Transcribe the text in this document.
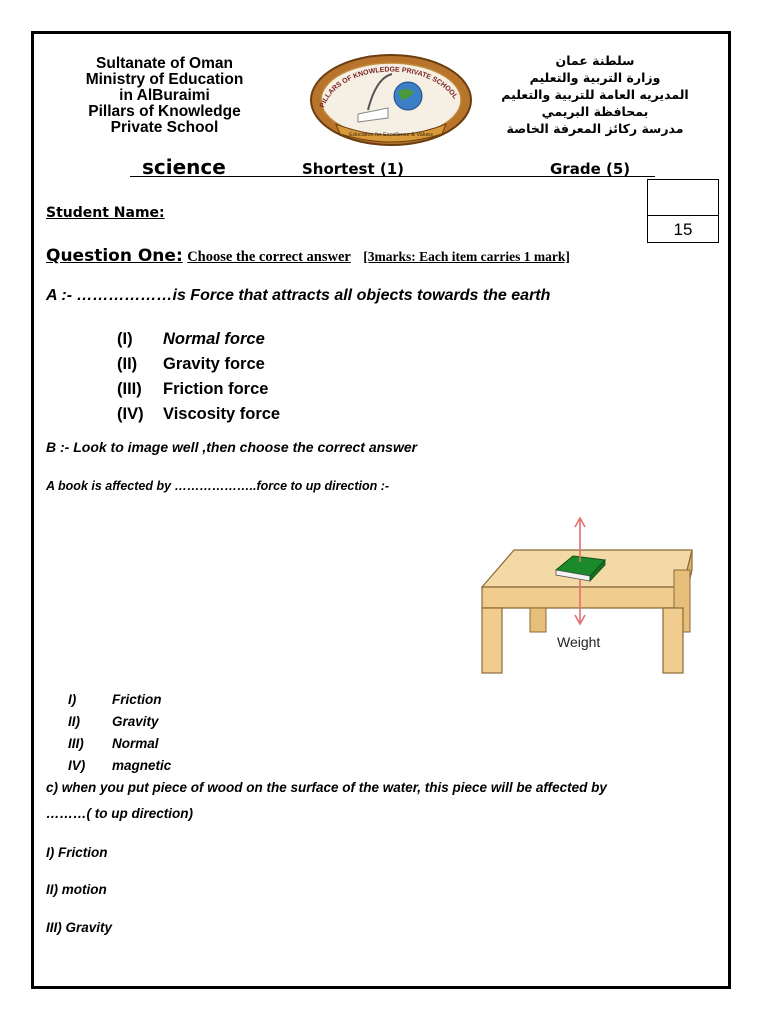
Sultanate of Oman
Ministry of Education
in AlBuraimi
Pillars of Knowledge
Private School
PILLARS OF KNOWLEDGE PRIVATE SCHOOL
Education for Excellence & Values
سلطنة عمان
وزارة التربية والتعليم
المديريه العامة للتربية والتعليم
بمحافظة البريمي
مدرسة ركائز المعرفة الخاصة
science	Shortest (1)	Grade (5)
15
Student Name:
Question One: Choose the correct answer [3marks: Each item carries 1 mark]
A :- ………………is Force that attracts all objects towards the earth
(I) Normal force
(II) Gravity force
(III) Friction force
(IV) Viscosity force
B :- Look to image well ,then choose the correct answer
A book is affected by ………………..force to up direction :-
Weight
I)	Friction
II) Gravity
III) Normal
IV) magnetic
c) when you put piece of wood on the surface of the water, this piece will be affected by
………( to up direction)
I) Friction
II) motion
III) Gravity
